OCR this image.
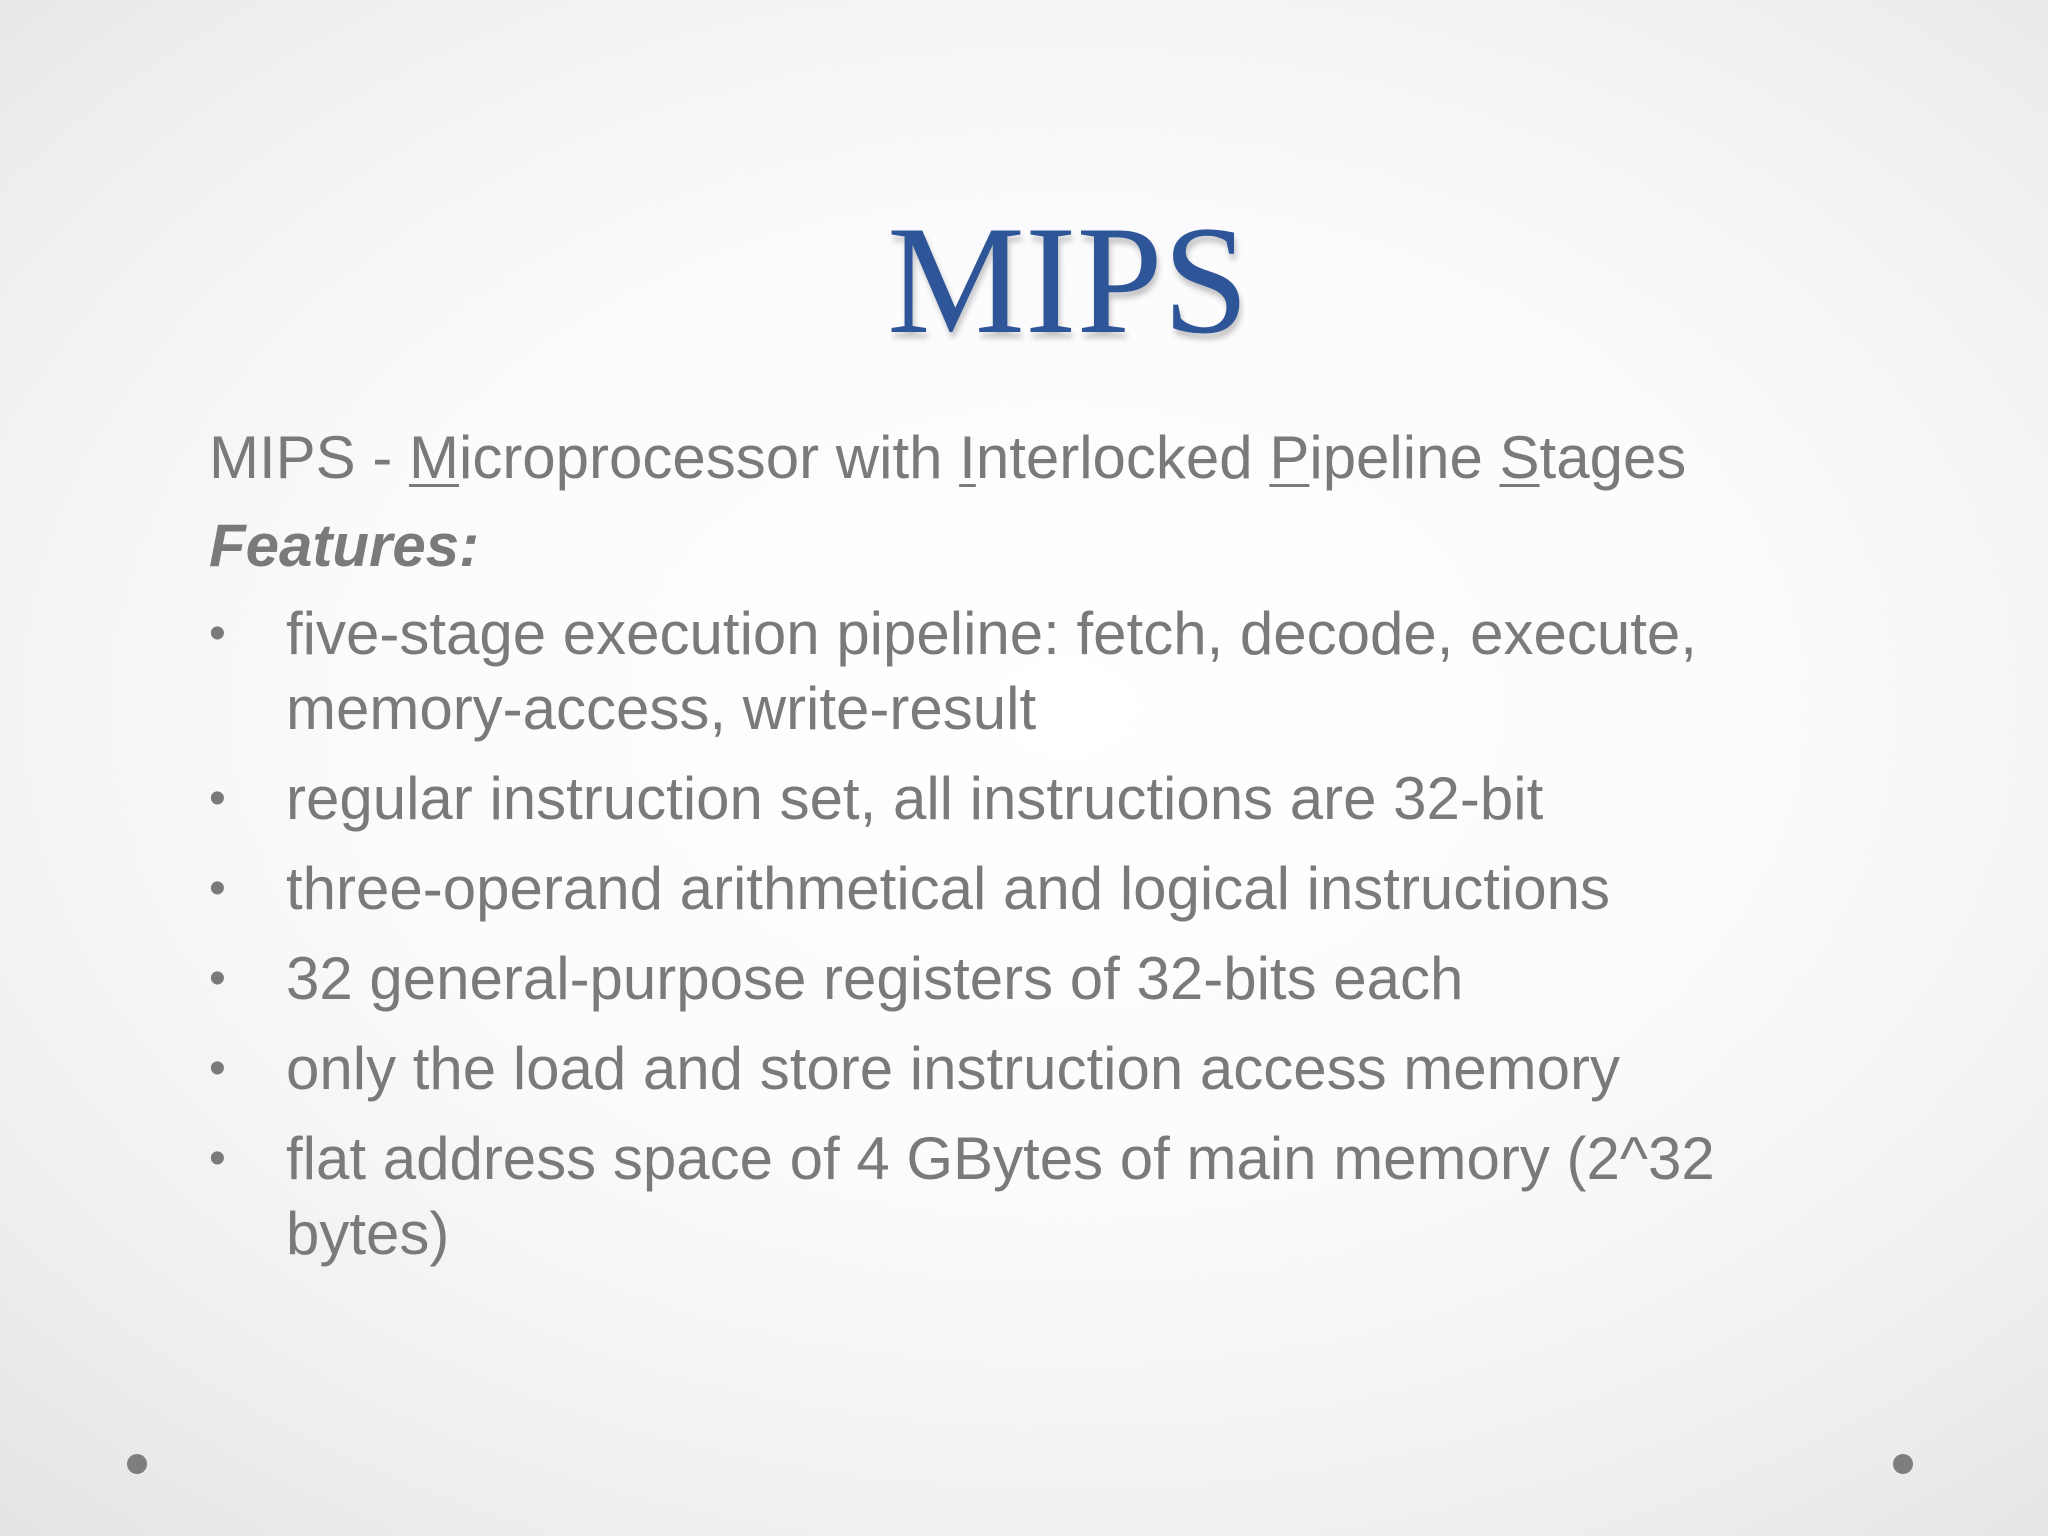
MIPS

MIPS - Microprocessor with Interlocked Pipeline Stages

Features:

• five-stage execution pipeline: fetch, decode, execute, memory-access, write-result
• regular instruction set, all instructions are 32-bit
• three-operand arithmetical and logical instructions
• 32 general-purpose registers of 32-bits each
• only the load and store instruction access memory
• flat address space of 4 GBytes of main memory (2^32 bytes)
